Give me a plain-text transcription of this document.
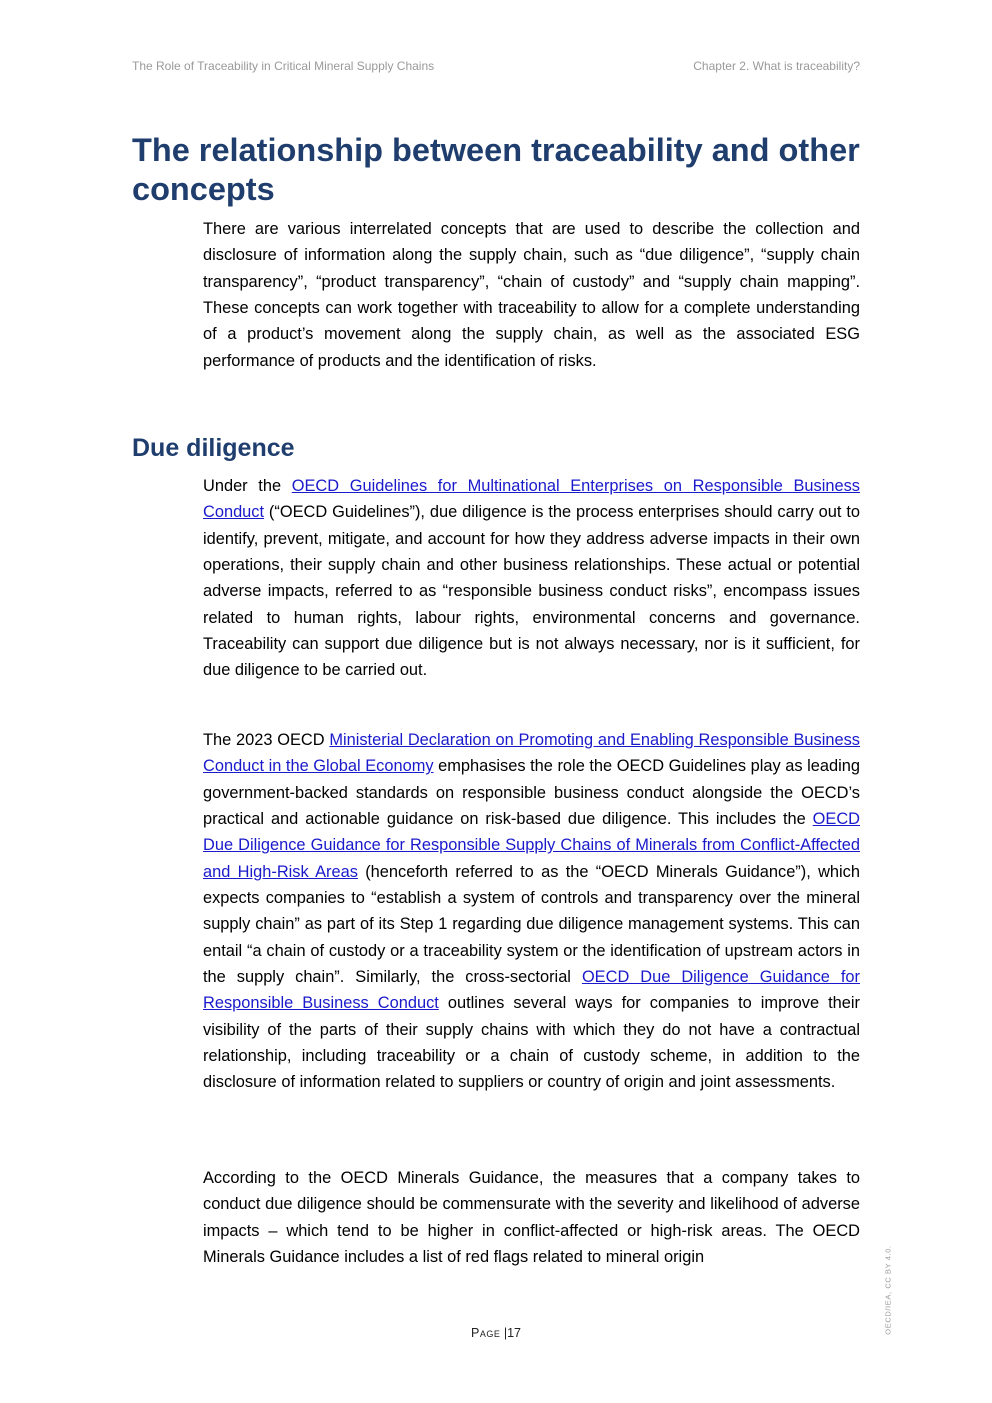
The Role of Traceability in Critical Mineral Supply Chains	Chapter 2. What is traceability?
The relationship between traceability and other concepts

There are various interrelated concepts that are used to describe the collection and disclosure of information along the supply chain, such as “due diligence”, “supply chain transparency”, “product transparency”, “chain of custody” and “supply chain mapping”. These concepts can work together with traceability to allow for a complete understanding of a product’s movement along the supply chain, as well as the associated ESG performance of products and the identification of risks.

Due diligence

Under the OECD Guidelines for Multinational Enterprises on Responsible Business Conduct (“OECD Guidelines”), due diligence is the process enterprises should carry out to identify, prevent, mitigate, and account for how they address adverse impacts in their own operations, their supply chain and other business relationships. These actual or potential adverse impacts, referred to as “responsible business conduct risks”, encompass issues related to human rights, labour rights, environmental concerns and governance. Traceability can support due diligence but is not always necessary, nor is it sufficient, for due diligence to be carried out.

The 2023 OECD Ministerial Declaration on Promoting and Enabling Responsible Business Conduct in the Global Economy emphasises the role the OECD Guidelines play as leading government-backed standards on responsible business conduct alongside the OECD’s practical and actionable guidance on risk-based due diligence. This includes the OECD Due Diligence Guidance for Responsible Supply Chains of Minerals from Conflict-Affected and High-Risk Areas (henceforth referred to as the “OECD Minerals Guidance”), which expects companies to “establish a system of controls and transparency over the mineral supply chain” as part of its Step 1 regarding due diligence management systems. This can entail “a chain of custody or a traceability system or the identification of upstream actors in the supply chain”. Similarly, the cross-sectorial OECD Due Diligence Guidance for Responsible Business Conduct outlines several ways for companies to improve their visibility of the parts of their supply chains with which they do not have a contractual relationship, including traceability or a chain of custody scheme, in addition to the disclosure of information related to suppliers or country of origin and joint assessments.

According to the OECD Minerals Guidance, the measures that a company takes to conduct due diligence should be commensurate with the severity and likelihood of adverse impacts – which tend to be higher in conflict-affected or high-risk areas. The OECD Minerals Guidance includes a list of red flags related to mineral origin

Page |17	OECD/IEA, CC BY 4.0.
